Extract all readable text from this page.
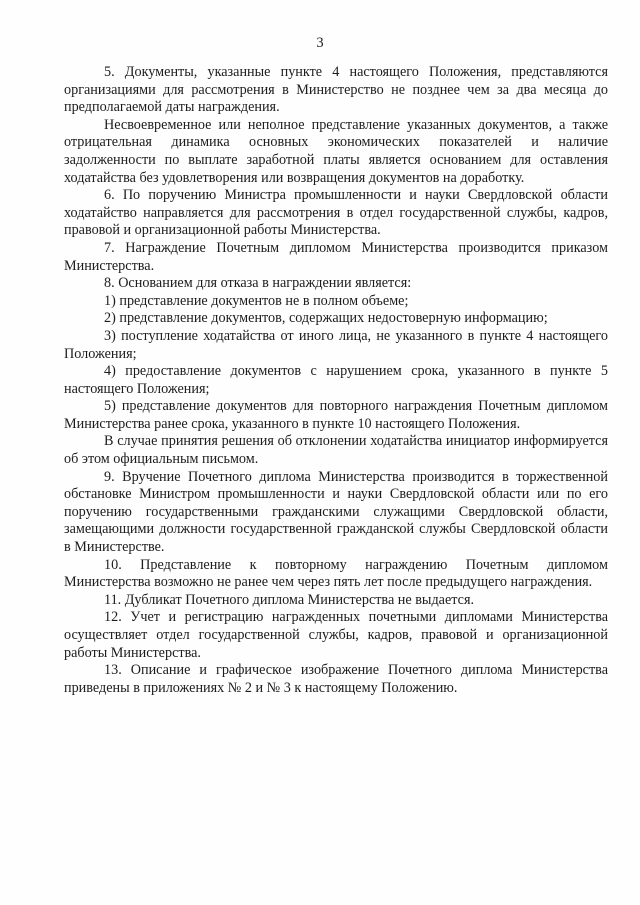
3

5. Документы, указанные пункте 4 настоящего Положения, представляются организациями для рассмотрения в Министерство не позднее чем за два месяца до предполагаемой даты награждения.

Несвоевременное или неполное представление указанных документов, а также отрицательная динамика основных экономических показателей и наличие задолженности по выплате заработной платы является основанием для оставления ходатайства без удовлетворения или возвращения документов на доработку.

6. По поручению Министра промышленности и науки Свердловской области ходатайство направляется для рассмотрения в отдел государственной службы, кадров, правовой и организационной работы Министерства.

7. Награждение Почетным дипломом Министерства производится приказом Министерства.

8. Основанием для отказа в награждении является:

1) представление документов не в полном объеме;

2) представление документов, содержащих недостоверную информацию;

3) поступление ходатайства от иного лица, не указанного в пункте 4 настоящего Положения;

4) предоставление документов с нарушением срока, указанного в пункте 5 настоящего Положения;

5) представление документов для повторного награждения Почетным дипломом Министерства ранее срока, указанного в пункте 10 настоящего Положения.

В случае принятия решения об отклонении ходатайства инициатор информируется об этом официальным письмом.

9. Вручение Почетного диплома Министерства производится в торжественной обстановке Министром промышленности и науки Свердловской области или по его поручению государственными гражданскими служащими Свердловской области, замещающими должности государственной гражданской службы Свердловской области в Министерстве.

10. Представление к повторному награждению Почетным дипломом Министерства возможно не ранее чем через пять лет после предыдущего награждения.

11. Дубликат Почетного диплома Министерства не выдается.

12. Учет и регистрацию награжденных почетными дипломами Министерства осуществляет отдел государственной службы, кадров, правовой и организационной работы Министерства.

13. Описание и графическое изображение Почетного диплома Министерства приведены в приложениях № 2 и № 3 к настоящему Положению.
